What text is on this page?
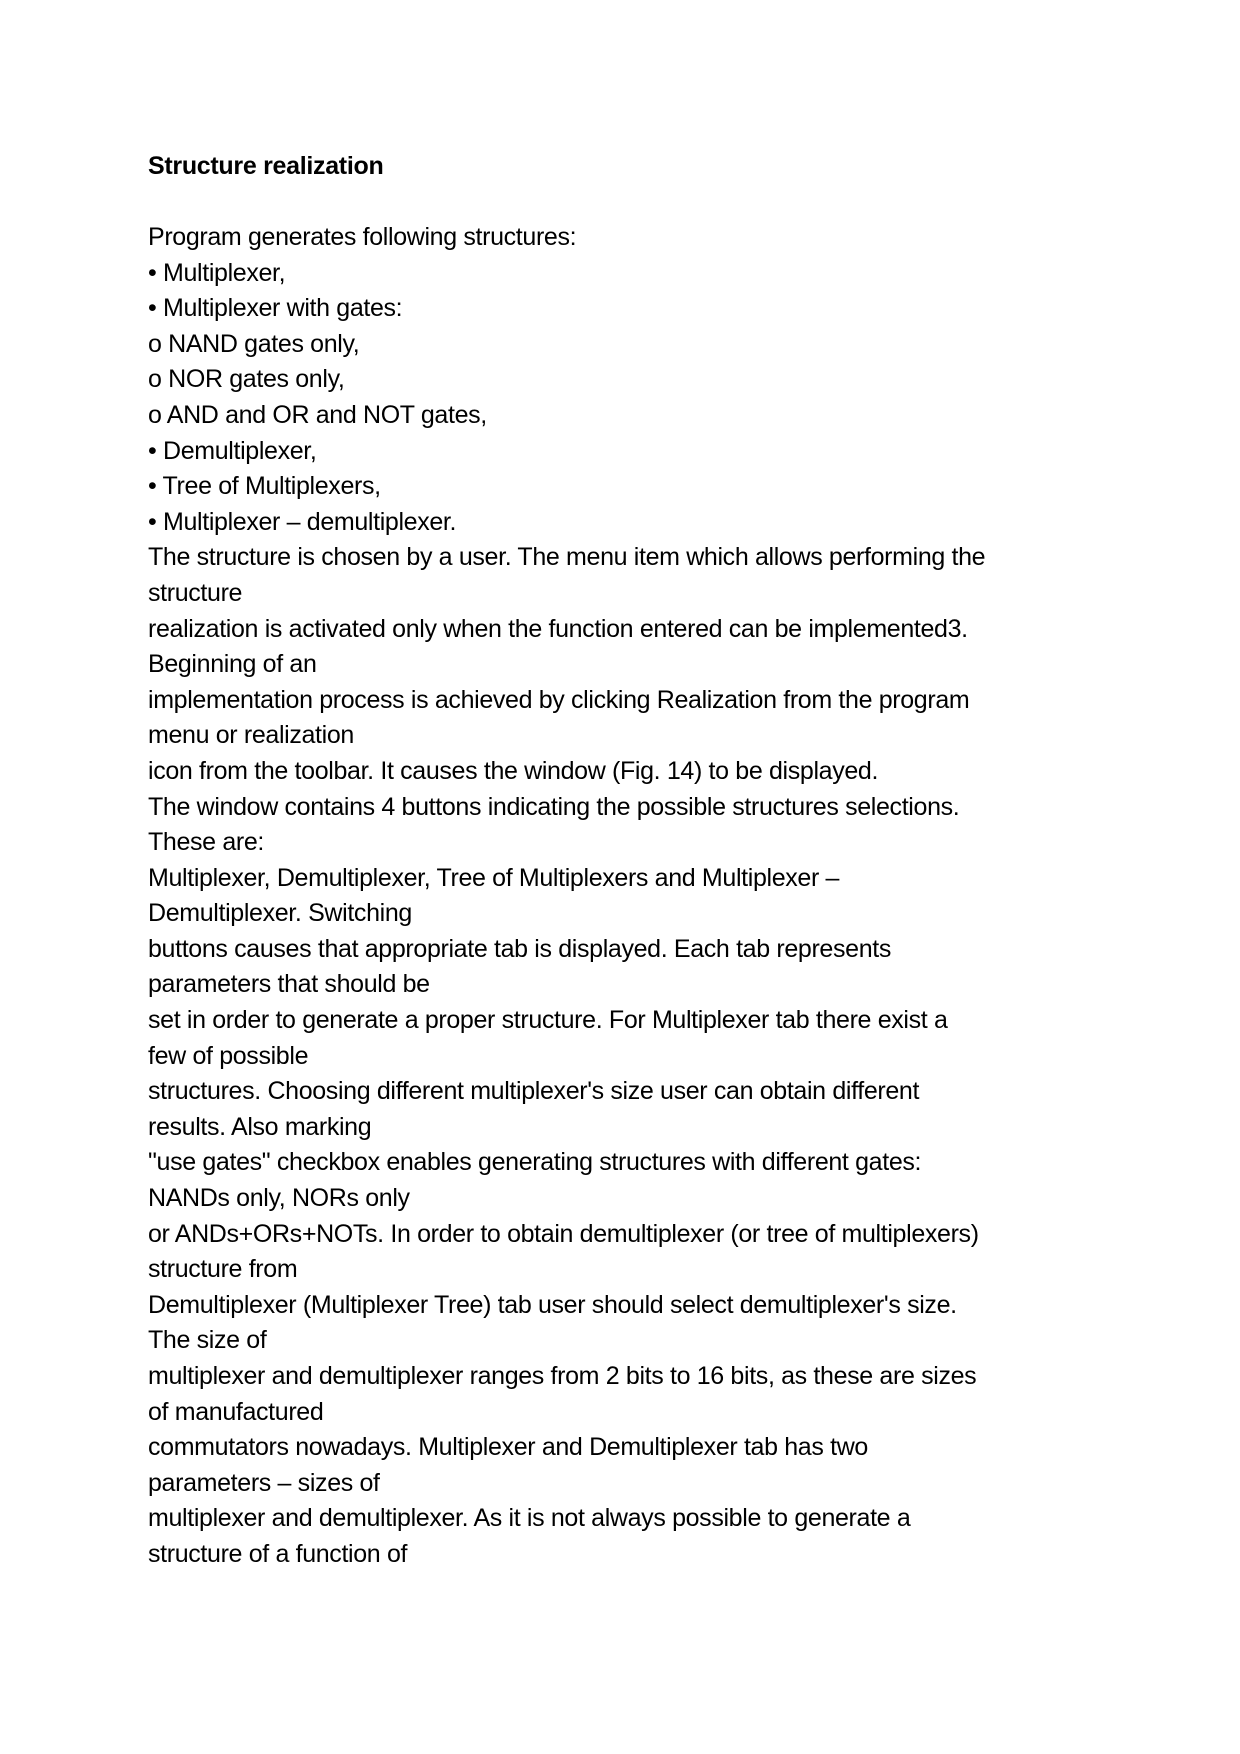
Structure realization
Program generates following structures:
• Multiplexer,
• Multiplexer with gates:
o NAND gates only,
o NOR gates only,
o AND and OR and NOT gates,
• Demultiplexer,
• Tree of Multiplexers,
• Multiplexer – demultiplexer.
The structure is chosen by a user. The menu item which allows performing the
structure
realization is activated only when the function entered can be implemented3.
Beginning of an
implementation process is achieved by clicking Realization from the program
menu or realization
icon from the toolbar. It causes the window (Fig. 14) to be displayed.
The window contains 4 buttons indicating the possible structures selections.
These are:
Multiplexer, Demultiplexer, Tree of Multiplexers and Multiplexer –
Demultiplexer. Switching
buttons causes that appropriate tab is displayed. Each tab represents
parameters that should be
set in order to generate a proper structure. For Multiplexer tab there exist a
few of possible
structures. Choosing different multiplexer's size user can obtain different
results. Also marking
"use gates" checkbox enables generating structures with different gates:
NANDs only, NORs only
or ANDs+ORs+NOTs. In order to obtain demultiplexer (or tree of multiplexers)
structure from
Demultiplexer (Multiplexer Tree) tab user should select demultiplexer's size.
The size of
multiplexer and demultiplexer ranges from 2 bits to 16 bits, as these are sizes
of manufactured
commutators nowadays. Multiplexer and Demultiplexer tab has two
parameters – sizes of
multiplexer and demultiplexer. As it is not always possible to generate a
structure of a function of
